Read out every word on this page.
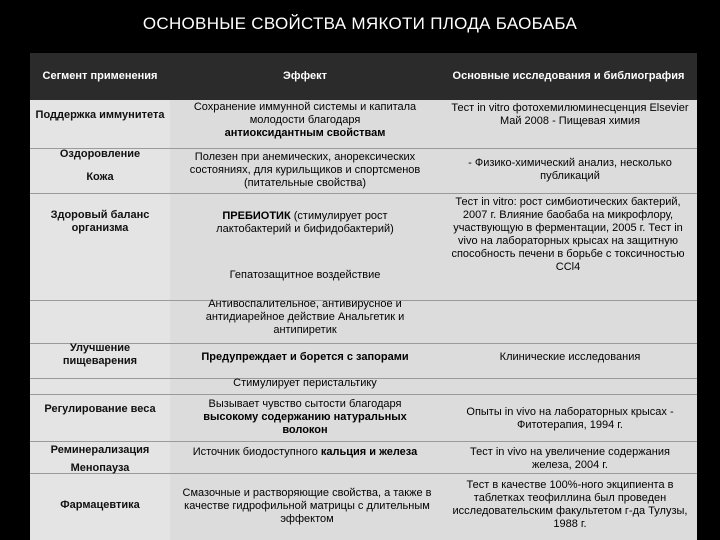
ОСНОВНЫЕ СВОЙСТВА МЯКОТИ ПЛОДА БАОБАБА
Сегмент применения	Эффект	Основные исследования и библиография
Поддержка иммунитета
Оздоровление
Кожа
Здоровый баланс организма
Улучшение пищеварения
Регулирование веса
Реминерализация
Менопауза
Фармацевтика
Сохранение иммунной системы и капитала молодости благодаря
антиоксидантным свойствам
Полезен при анемических, анорексических состояниях, для курильщиков и спортсменов (питательные свойства)
ПРЕБИОТИК (стимулирует рост лактобактерий и бифидобактерий)
Гепатозащитное воздействие
Антивоспалительное, антивирусное и антидиарейное действие Анальгетик и антипиретик
Предупреждает и борется с запорами
Стимулирует перистальтику
Вызывает чувство сытости благодаря высокому содержанию натуральных волокон
Источник биодоступного кальция и железа
Смазочные и растворяющие свойства, а также в качестве гидрофильной матрицы с длительным эффектом
Тест in vitro фотохемилюминесценция Elsevier Май 2008 - Пищевая химия
- Физико-химический анализ, несколько публикаций
Тест in vitro: рост симбиотических бактерий, 2007 г. Влияние баобаба на микрофлору, участвующую в ферментации, 2005 г. Тест in vivo на лабораторных крысах на защитную способность печени в борьбе с токсичностью CCl4
Клинические исследования
Опыты in vivo на лабораторных крысах - Фитотерапия, 1994 г.
Тест in vivo на увеличение содержания железа, 2004 г.
Тест в качестве 100%-ного экципиента в таблетках теофиллина был проведен исследовательским факультетом г-да Тулузы, 1988 г.
